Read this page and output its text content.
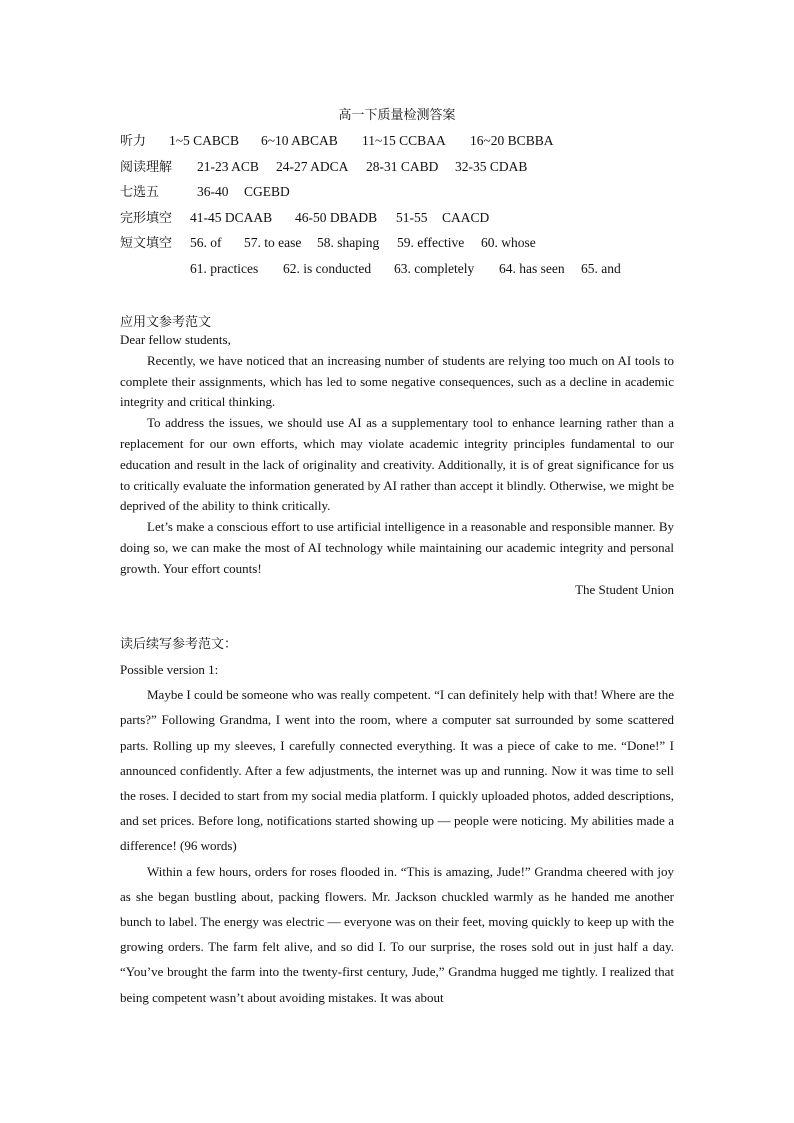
高一下质量检测答案
听力	1~5 CABCB	6~10 ABCAB	11~15 CCBAA	16~20 BCBBA
阅读理解	21-23 ACB	24-27 ADCA	28-31 CABD	32-35 CDAB
七选五	36-40	CGEBD
完形填空	41-45 DCAAB	46-50 DBADB	51-55	CAACD
短文填空	56. of	57. to ease	58. shaping	59. effective	60. whose
61. practices	62. is conducted	63. completely	64. has seen	65. and
应用文参考范文

Dear fellow students,

Recently, we have noticed that an increasing number of students are relying too much on AI tools to complete their assignments, which has led to some negative consequences, such as a decline in academic integrity and critical thinking.

To address the issues, we should use AI as a supplementary tool to enhance learning rather than a replacement for our own efforts, which may violate academic integrity principles fundamental to our education and result in the lack of originality and creativity. Additionally, it is of great significance for us to critically evaluate the information generated by AI rather than accept it blindly. Otherwise, we might be deprived of the ability to think critically.

Let’s make a conscious effort to use artificial intelligence in a reasonable and responsible manner. By doing so, we can make the most of AI technology while maintaining our academic integrity and personal growth. Your effort counts!

The Student Union

读后续写参考范文：

Possible version 1:

Maybe I could be someone who was really competent. “I can definitely help with that! Where are the parts?” Following Grandma, I went into the room, where a computer sat surrounded by some scattered parts. Rolling up my sleeves, I carefully connected everything. It was a piece of cake to me. “Done!” I announced confidently. After a few adjustments, the internet was up and running. Now it was time to sell the roses. I decided to start from my social media platform. I quickly uploaded photos, added descriptions, and set prices. Before long, notifications started showing up — people were noticing. My abilities made a difference! (96 words)

Within a few hours, orders for roses flooded in. “This is amazing, Jude!” Grandma cheered with joy as she began bustling about, packing flowers. Mr. Jackson chuckled warmly as he handed me another bunch to label. The energy was electric — everyone was on their feet, moving quickly to keep up with the growing orders. The farm felt alive, and so did I. To our surprise, the roses sold out in just half a day. “You’ve brought the farm into the twenty-first century, Jude,” Grandma hugged me tightly. I realized that being competent wasn’t about avoiding mistakes. It was about
